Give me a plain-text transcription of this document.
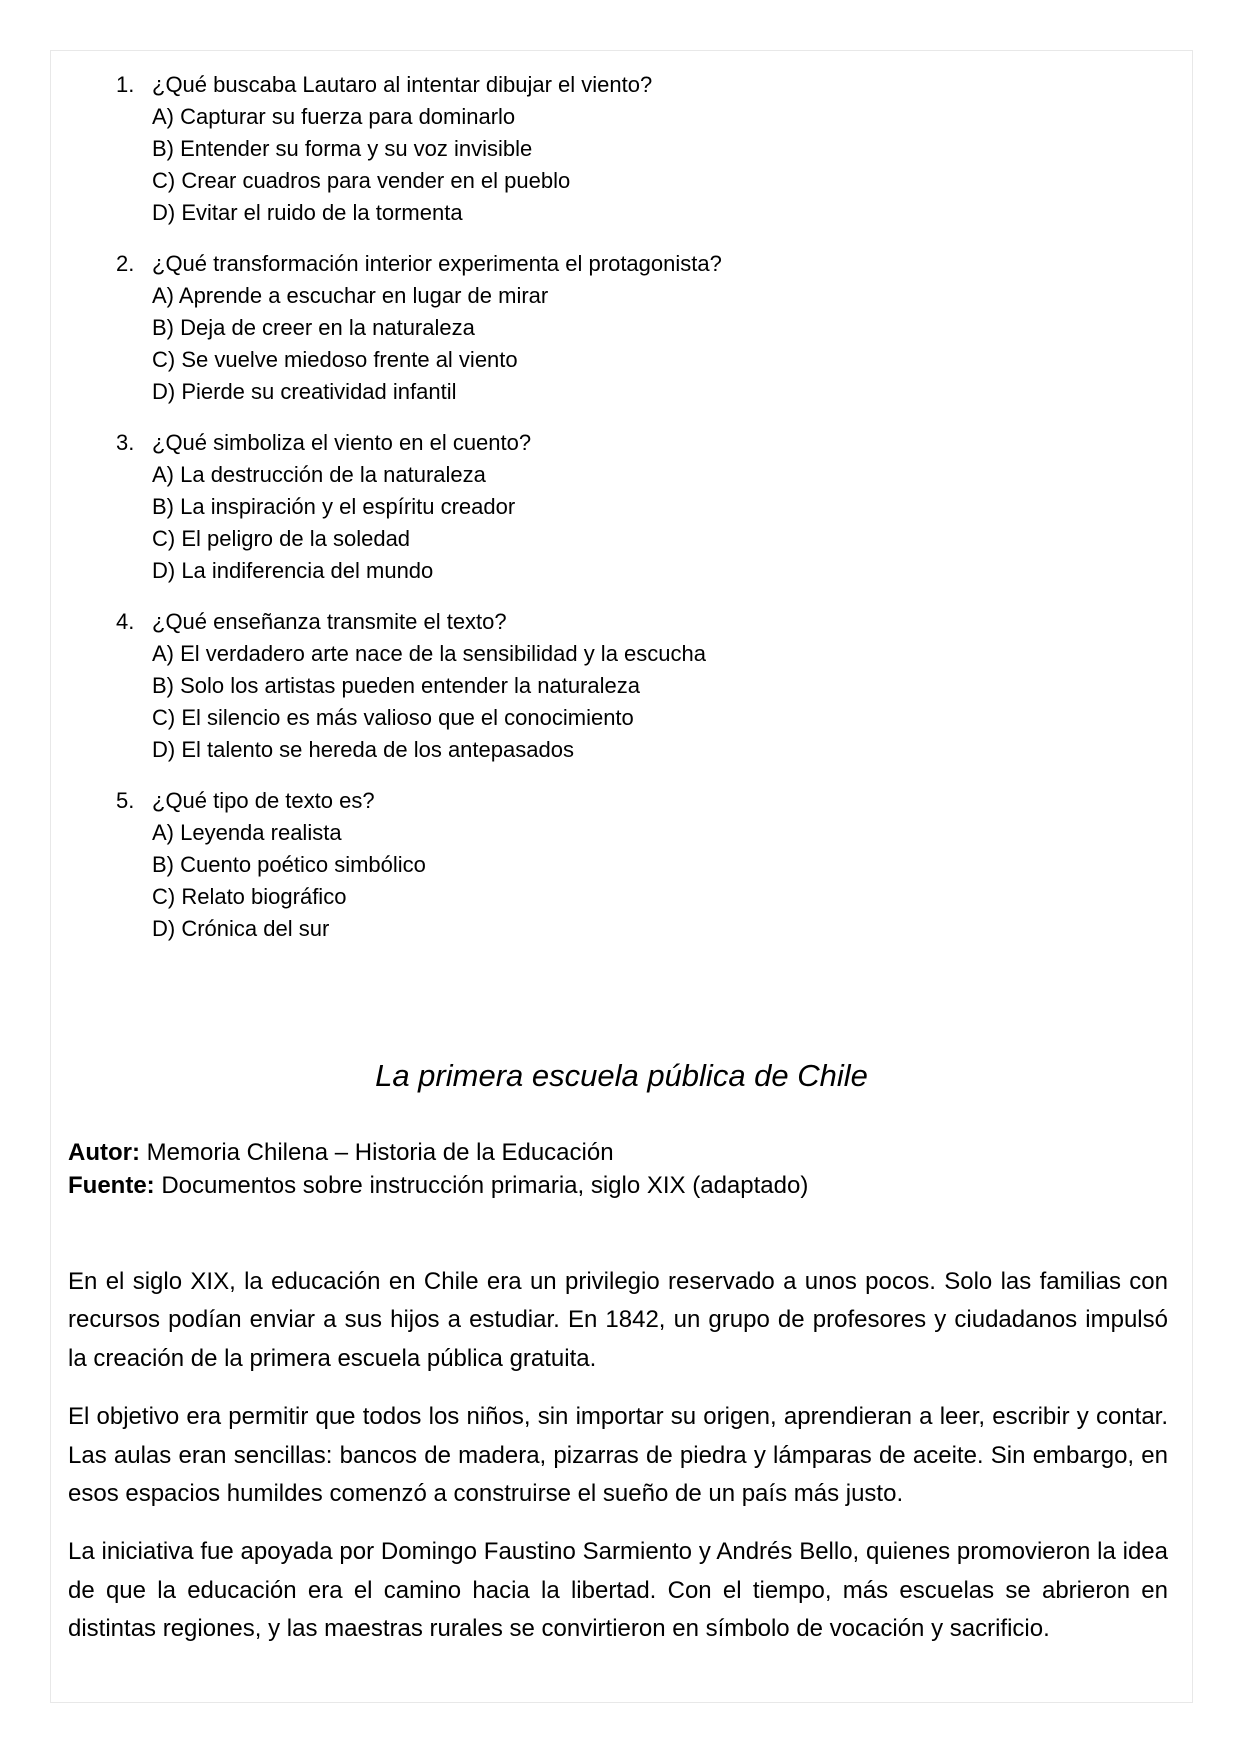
1. ¿Qué buscaba Lautaro al intentar dibujar el viento?
A) Capturar su fuerza para dominarlo
B) Entender su forma y su voz invisible
C) Crear cuadros para vender en el pueblo
D) Evitar el ruido de la tormenta
2. ¿Qué transformación interior experimenta el protagonista?
A) Aprende a escuchar en lugar de mirar
B) Deja de creer en la naturaleza
C) Se vuelve miedoso frente al viento
D) Pierde su creatividad infantil
3. ¿Qué simboliza el viento en el cuento?
A) La destrucción de la naturaleza
B) La inspiración y el espíritu creador
C) El peligro de la soledad
D) La indiferencia del mundo
4. ¿Qué enseñanza transmite el texto?
A) El verdadero arte nace de la sensibilidad y la escucha
B) Solo los artistas pueden entender la naturaleza
C) El silencio es más valioso que el conocimiento
D) El talento se hereda de los antepasados
5. ¿Qué tipo de texto es?
A) Leyenda realista
B) Cuento poético simbólico
C) Relato biográfico
D) Crónica del sur
La primera escuela pública de Chile
Autor: Memoria Chilena – Historia de la Educación
Fuente: Documentos sobre instrucción primaria, siglo XIX (adaptado)

En el siglo XIX, la educación en Chile era un privilegio reservado a unos pocos. Solo las familias con recursos podían enviar a sus hijos a estudiar. En 1842, un grupo de profesores y ciudadanos impulsó la creación de la primera escuela pública gratuita.

El objetivo era permitir que todos los niños, sin importar su origen, aprendieran a leer, escribir y contar. Las aulas eran sencillas: bancos de madera, pizarras de piedra y lámparas de aceite. Sin embargo, en esos espacios humildes comenzó a construirse el sueño de un país más justo.

La iniciativa fue apoyada por Domingo Faustino Sarmiento y Andrés Bello, quienes promovieron la idea de que la educación era el camino hacia la libertad. Con el tiempo, más escuelas se abrieron en distintas regiones, y las maestras rurales se convirtieron en símbolo de vocación y sacrificio.
